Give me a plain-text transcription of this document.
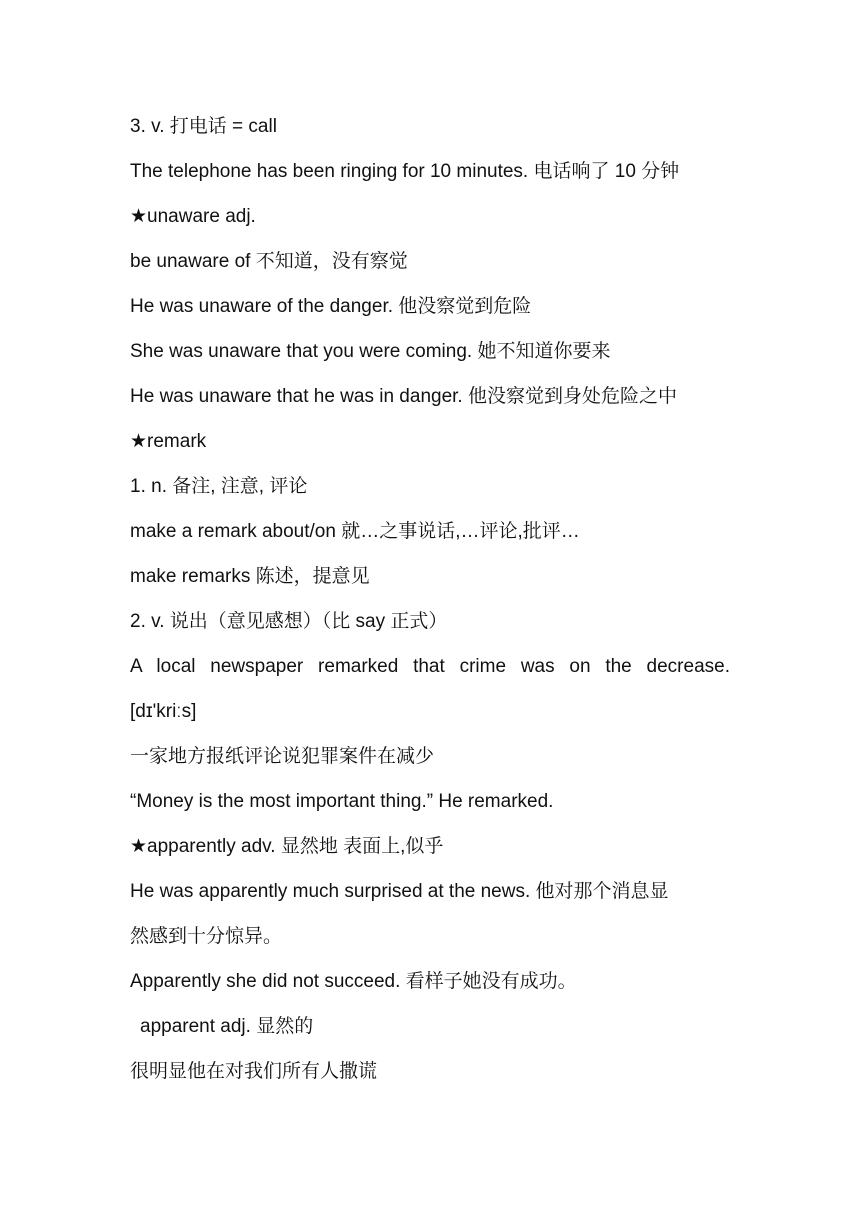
3. v. 打电话 = call
The telephone has been ringing for 10 minutes. 电话响了 10 分钟
★unaware adj.
be unaware of 不知道，没有察觉
He was unaware of the danger. 他没察觉到危险
She was unaware that you were coming. 她不知道你要来
He was unaware that he was in danger. 他没察觉到身处危险之中
★remark
1. n. 备注, 注意, 评论
make a remark about/on 就…之事说话,…评论,批评…
make remarks 陈述，提意见
2. v. 说出（意见感想）（比 say 正式）
A local newspaper remarked that crime was on the decrease.
[dɪ'kriːs]
一家地方报纸评论说犯罪案件在减少
“Money is the most important thing.” He remarked.
★apparently adv. 显然地 表面上,似乎
He was apparently much surprised at the news. 他对那个消息显
然感到十分惊异。
Apparently she did not succeed. 看样子她没有成功。
apparent adj. 显然的
很明显他在对我们所有人撒谎
